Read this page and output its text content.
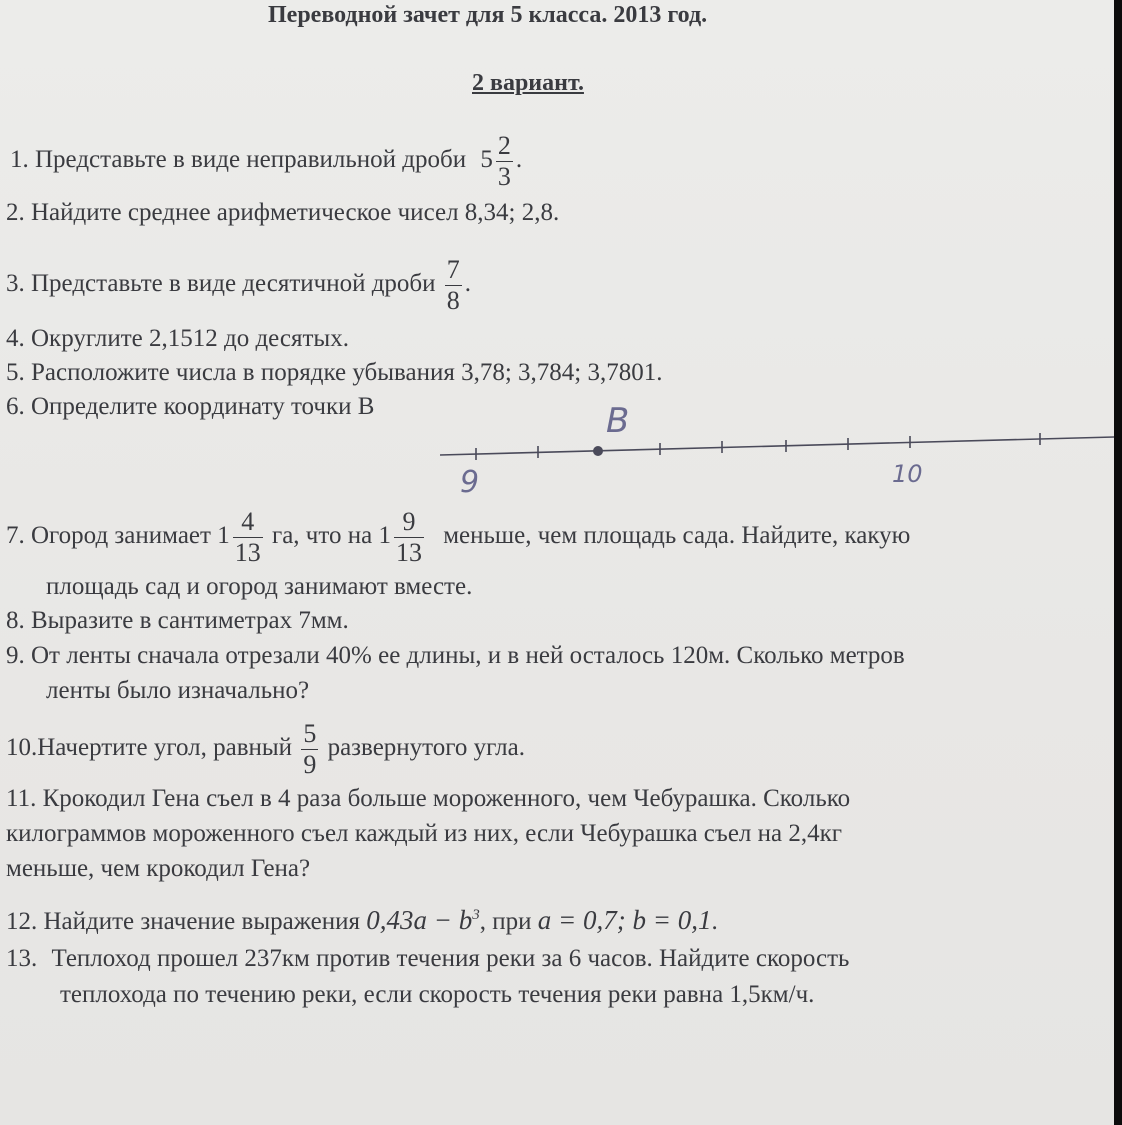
Переводной зачет для 5 класса. 2013 год.
2 вариант.
1. Представьте в виде неправильной дроби $5 \frac{2}{3}$ .
2. Найдите среднее арифметическое чисел 8,34; 2,8.
3. Представьте в виде десятичной дроби $\frac{7}{8}$ .
4. Округлите 2,1512 до десятых.
5. Расположите числа в порядке убывания 3,78; 3,784; 3,7801.
6. Определите координату точки В	B
9	10
7. Огород занимает $1 \frac{4}{13}$ га, что на $1 \frac{9}{13}$ меньше, чем площадь сада. Найдите, какую
площадь сад и огород занимают вместе.
8. Выразите в сантиметрах 7мм.
9. От ленты сначала отрезали 40% ее длины, и в ней осталось 120м. Сколько метров
ленты было изначально?
10.Начертите угол, равный $\frac{5}{9}$ развернутого угла.
11. Крокодил Гена съел в 4 раза больше мороженного, чем Чебурашка. Сколько
килограммов мороженного съел каждый из них, если Чебурашка съел на 2,4кг
меньше, чем крокодил Гена?
12. Найдите значение выражения $0,43a - b^3$, при a = 0,7; b = 0,1.
13. Теплоход прошел 237км против течения реки за 6 часов. Найдите скорость
теплохода по течению реки, если скорость течения реки равна 1,5км/ч.
